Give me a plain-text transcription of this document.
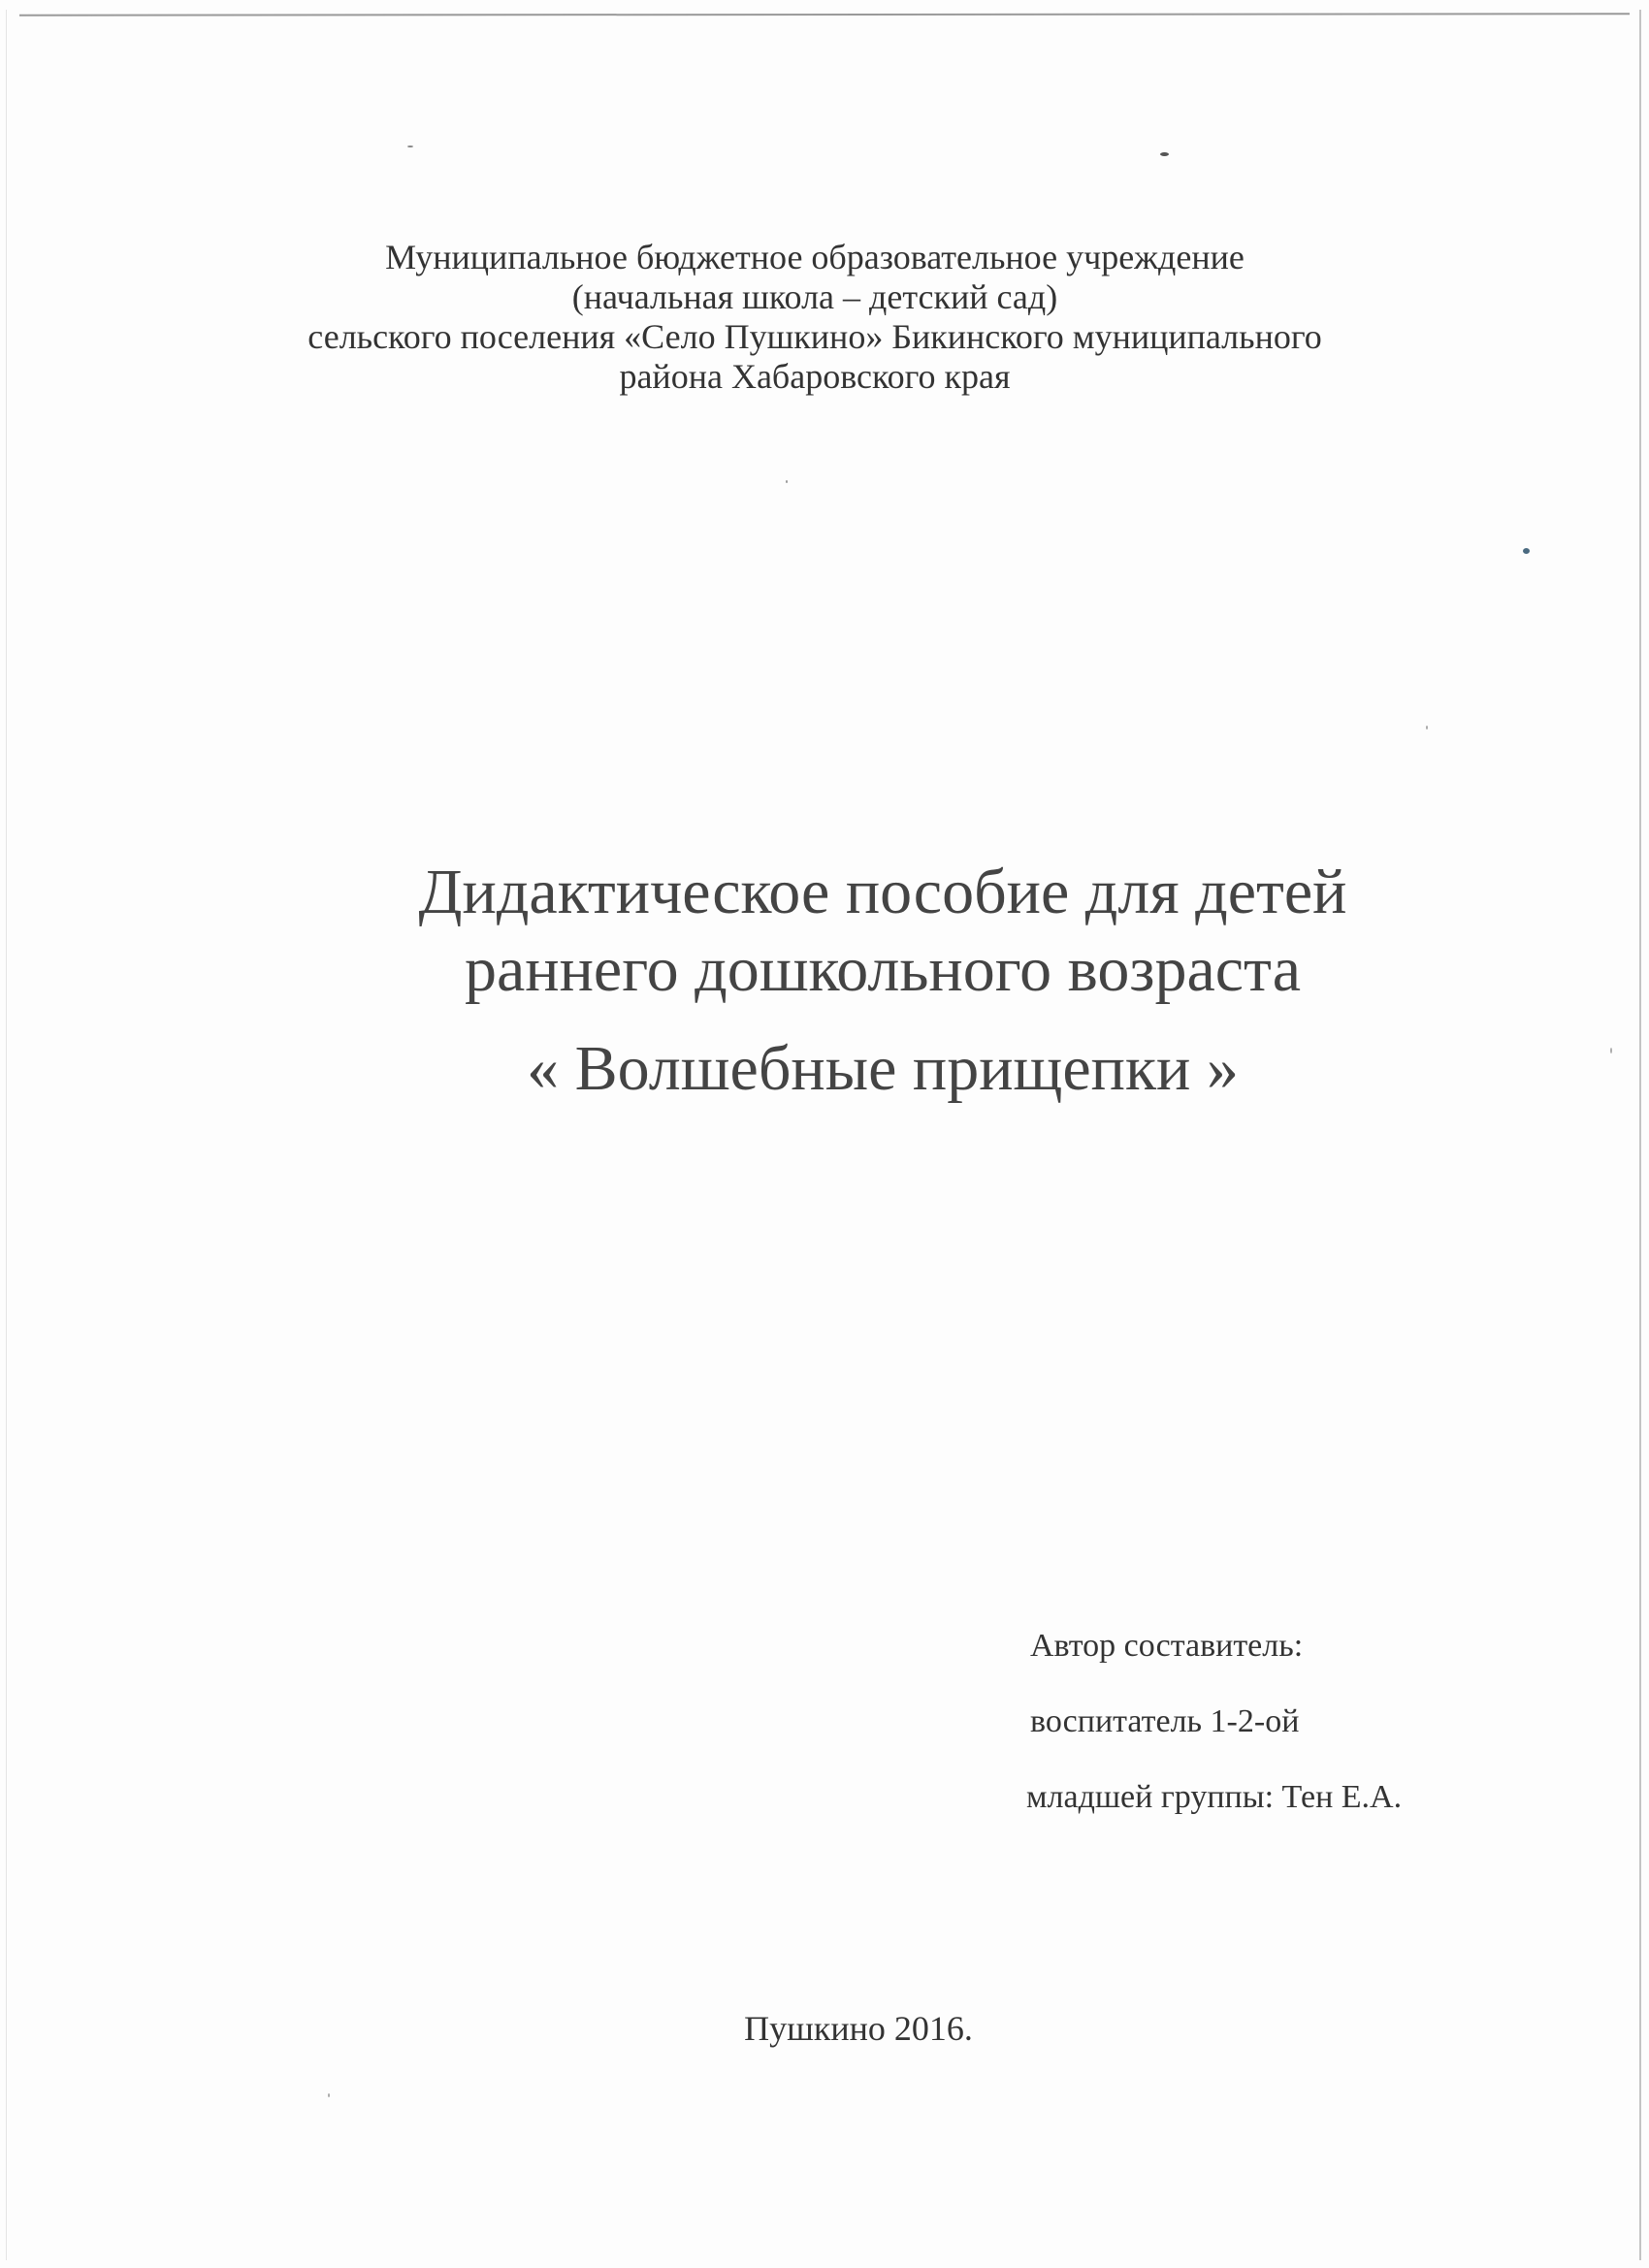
Муниципальное бюджетное образовательное учреждение
(начальная школа – детский сад)
сельского поселения «Село Пушкино» Бикинского муниципального
района Хабаровского края
Дидактическое пособие для детей
раннего дошкольного возраста
« Волшебные прищепки »
Автор составитель:
воспитатель 1-2-ой
младшей группы: Тен Е.А.
Пушкино 2016.
